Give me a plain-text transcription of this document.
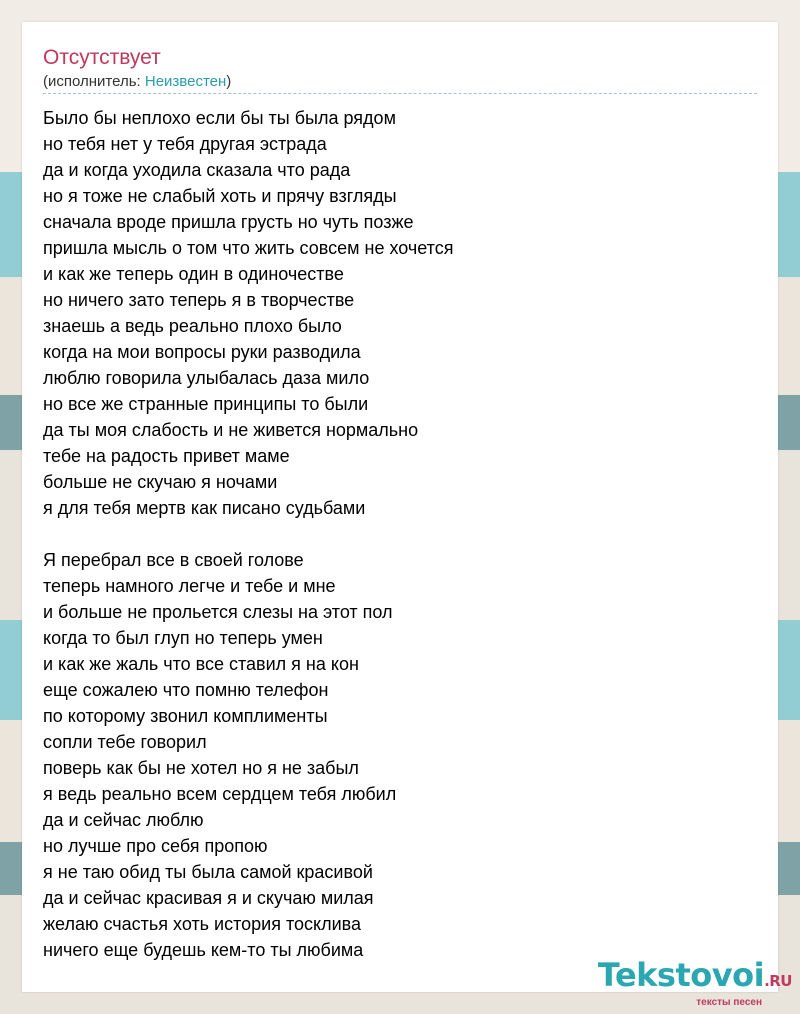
Отсутствует
(исполнитель: Неизвестен)
Было бы неплохо если бы ты была рядом
но тебя нет у тебя другая эстрада
да и когда уходила сказала что рада
но я тоже не слабый хоть и прячу взгляды
сначала вроде пришла грусть но чуть позже
пришла мысль о том что жить совсем не хочется
и как же теперь один в одиночестве
но ничего зато теперь я в творчестве
знаешь а ведь реально плохо было
когда на мои вопросы руки разводила
люблю говорила улыбалась даза мило
но все же странные принципы то были
да ты моя слабость и не живется нормально
тебе на радость привет маме
больше не скучаю я ночами
я для тебя мертв как писано судьбами
Я перебрал все в своей голове
теперь намного легче и тебе и мне
и больше не прольется слезы на этот пол
когда то был глуп но теперь умен
и как же жаль что все ставил я на кон
еще сожалею что помню телефон
по которому звонил комплименты
сопли тебе говорил
поверь как бы не хотел но я не забыл
я ведь реально всем сердцем тебя любил
да и сейчас люблю
но лучше про себя пропою
я не таю обид ты была самой красивой
да и сейчас красивая я и скучаю милая
желаю счастья хоть история тосклива
ничего еще будешь кем-то ты любима
Tekstovoi.RU
тексты песен
